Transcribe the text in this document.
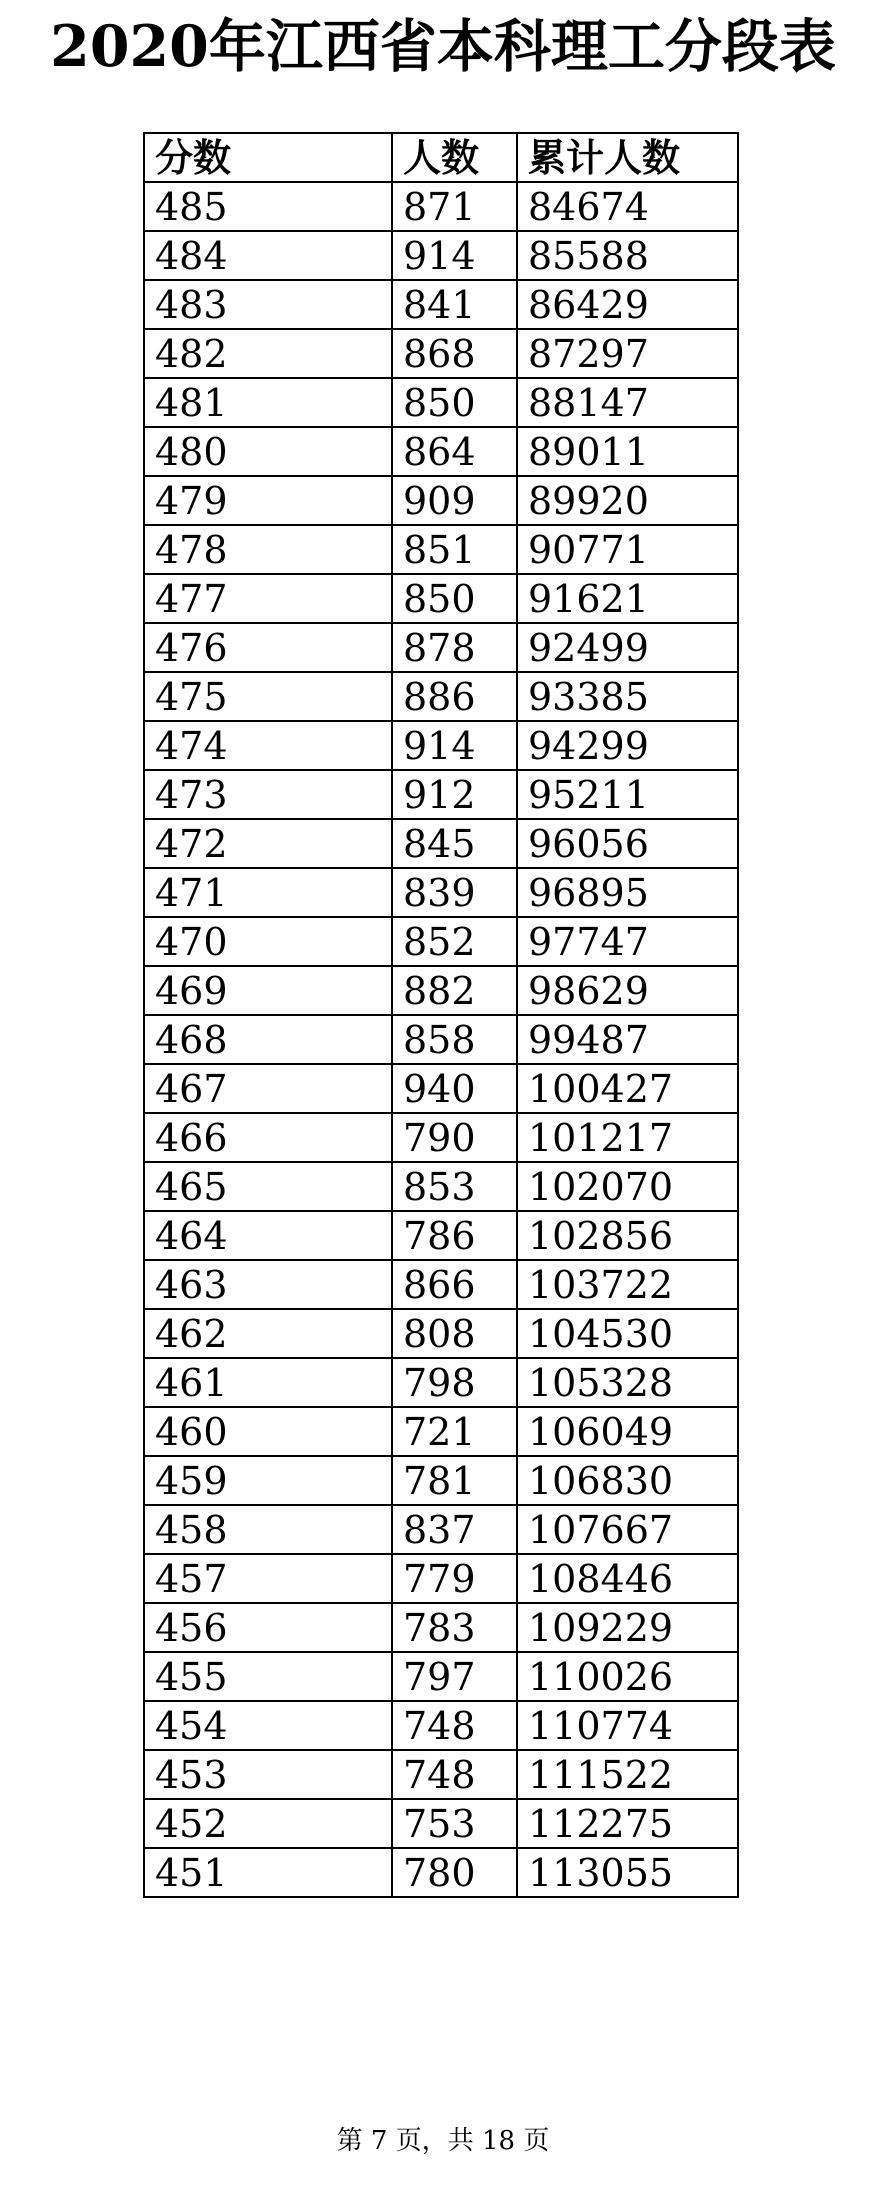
2020年江西省本科理工分段表
分数	人数	累计人数
485	871	84674
484	914	85588
483	841	86429
482	868	87297
481	850	88147
480	864	89011
479	909	89920
478	851	90771
477	850	91621
476	878	92499
475	886	93385
474	914	94299
473	912	95211
472	845	96056
471	839	96895
470	852	97747
469	882	98629
468	858	99487
467	940	100427
466	790	101217
465	853	102070
464	786	102856
463	866	103722
462	808	104530
461	798	105328
460	721	106049
459	781	106830
458	837	107667
457	779	108446
456	783	109229
455	797	110026
454	748	110774
453	748	111522
452	753	112275
451	780	113055
第 7 页，共 18 页
